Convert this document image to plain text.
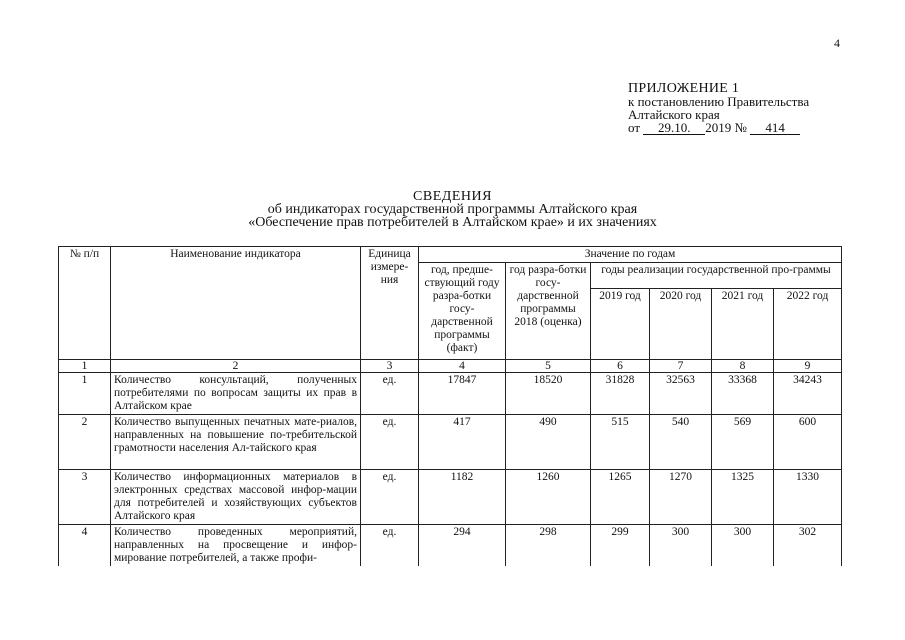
4
ПРИЛОЖЕНИЕ 1
к постановлению Правительства
Алтайского края
от 29.10. 2019 № 414
СВЕДЕНИЯ
об индикаторах государственной программы Алтайского края
«Обеспечение прав потребителей в Алтайском крае» и их значениях
№ п/п	Наименование индикатора	Единица измере-ния	Значение по годам					
			год, предше-ствующий году разра-ботки госу-дарственной программы (факт)	год разра-ботки госу-дарственной программы 2018 (оценка)	годы реализации государственной про-граммы			
					2019 год	2020 год	2021 год	2022 год
1	2	3	4	5	6	7	8	9
1	Количество консультаций, полученных потребителями по вопросам защиты их прав в Алтайском крае	ед.	17847	18520	31828	32563	33368	34243
2	Количество выпущенных печатных мате-риалов, направленных на повышение по-требительской грамотности населения Ал-тайского края	ед.	417	490	515	540	569	600
3	Количество информационных материалов в электронных средствах массовой инфор-мации для потребителей и хозяйствующих субъектов Алтайского края	ед.	1182	1260	1265	1270	1325	1330
4	Количество проведенных мероприятий, направленных на просвещение и инфор-мирование потребителей, а также профи-	ед.	294	298	299	300	300	302
